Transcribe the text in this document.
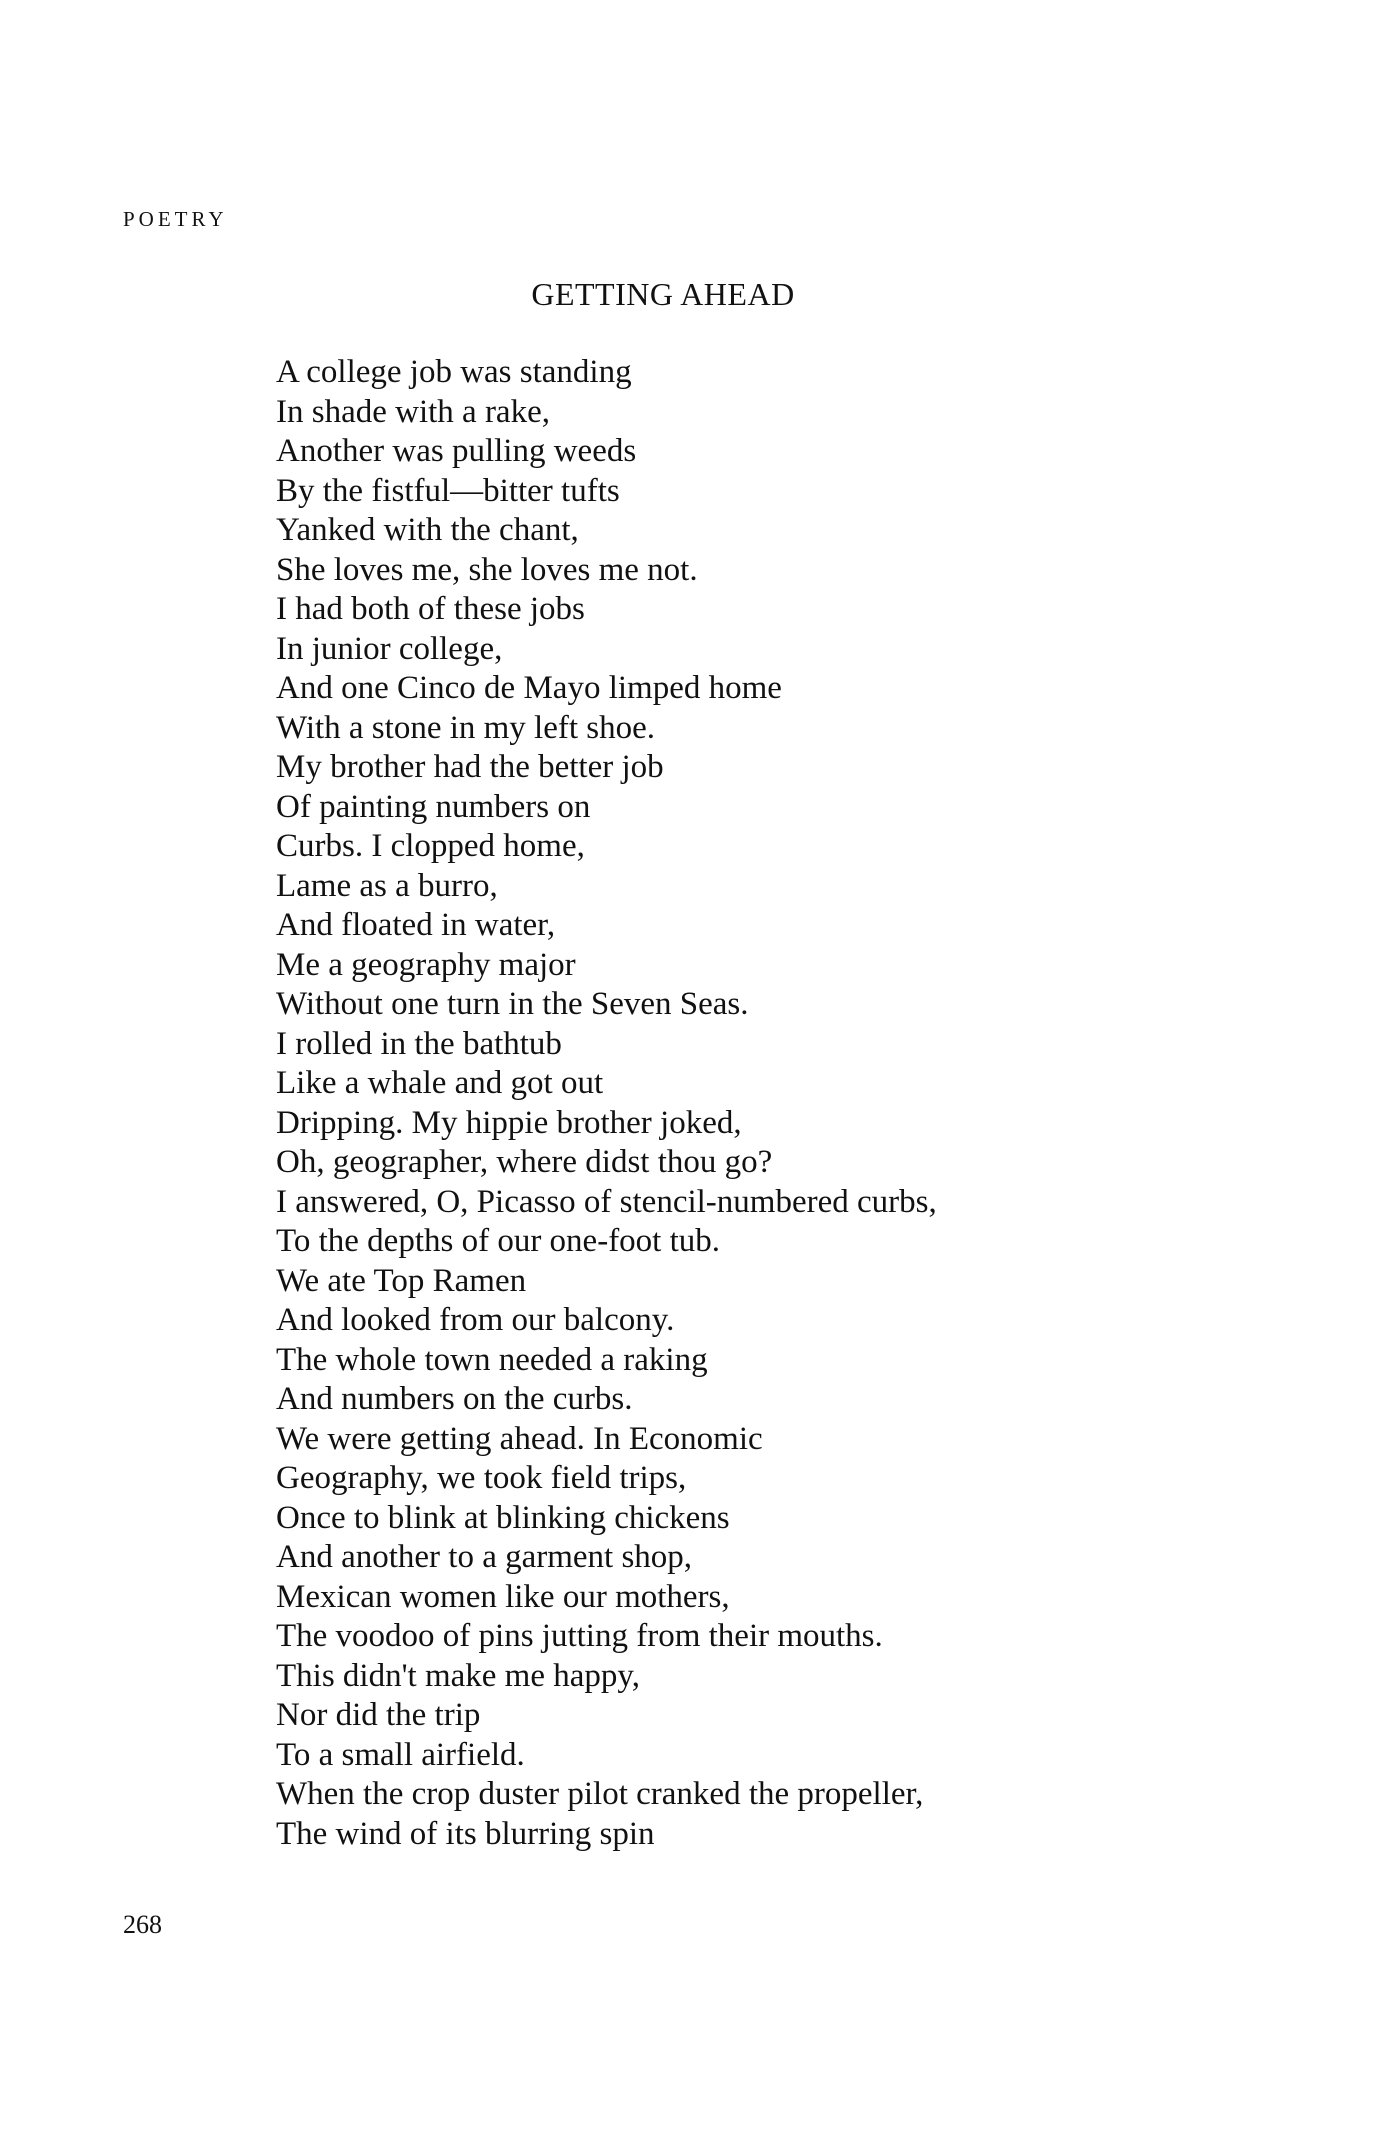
POETRY
GETTING AHEAD
A college job was standing
In shade with a rake,
Another was pulling weeds
By the fistful—bitter tufts
Yanked with the chant,
She loves me, she loves me not.
I had both of these jobs
In junior college,
And one Cinco de Mayo limped home
With a stone in my left shoe.
My brother had the better job
Of painting numbers on
Curbs. I clopped home,
Lame as a burro,
And floated in water,
Me a geography major
Without one turn in the Seven Seas.
I rolled in the bathtub
Like a whale and got out
Dripping. My hippie brother joked,
Oh, geographer, where didst thou go?
I answered, O, Picasso of stencil-numbered curbs,
To the depths of our one-foot tub.
We ate Top Ramen
And looked from our balcony.
The whole town needed a raking
And numbers on the curbs.
We were getting ahead. In Economic
Geography, we took field trips,
Once to blink at blinking chickens
And another to a garment shop,
Mexican women like our mothers,
The voodoo of pins jutting from their mouths.
This didn't make me happy,
Nor did the trip
To a small airfield.
When the crop duster pilot cranked the propeller,
The wind of its blurring spin
268
